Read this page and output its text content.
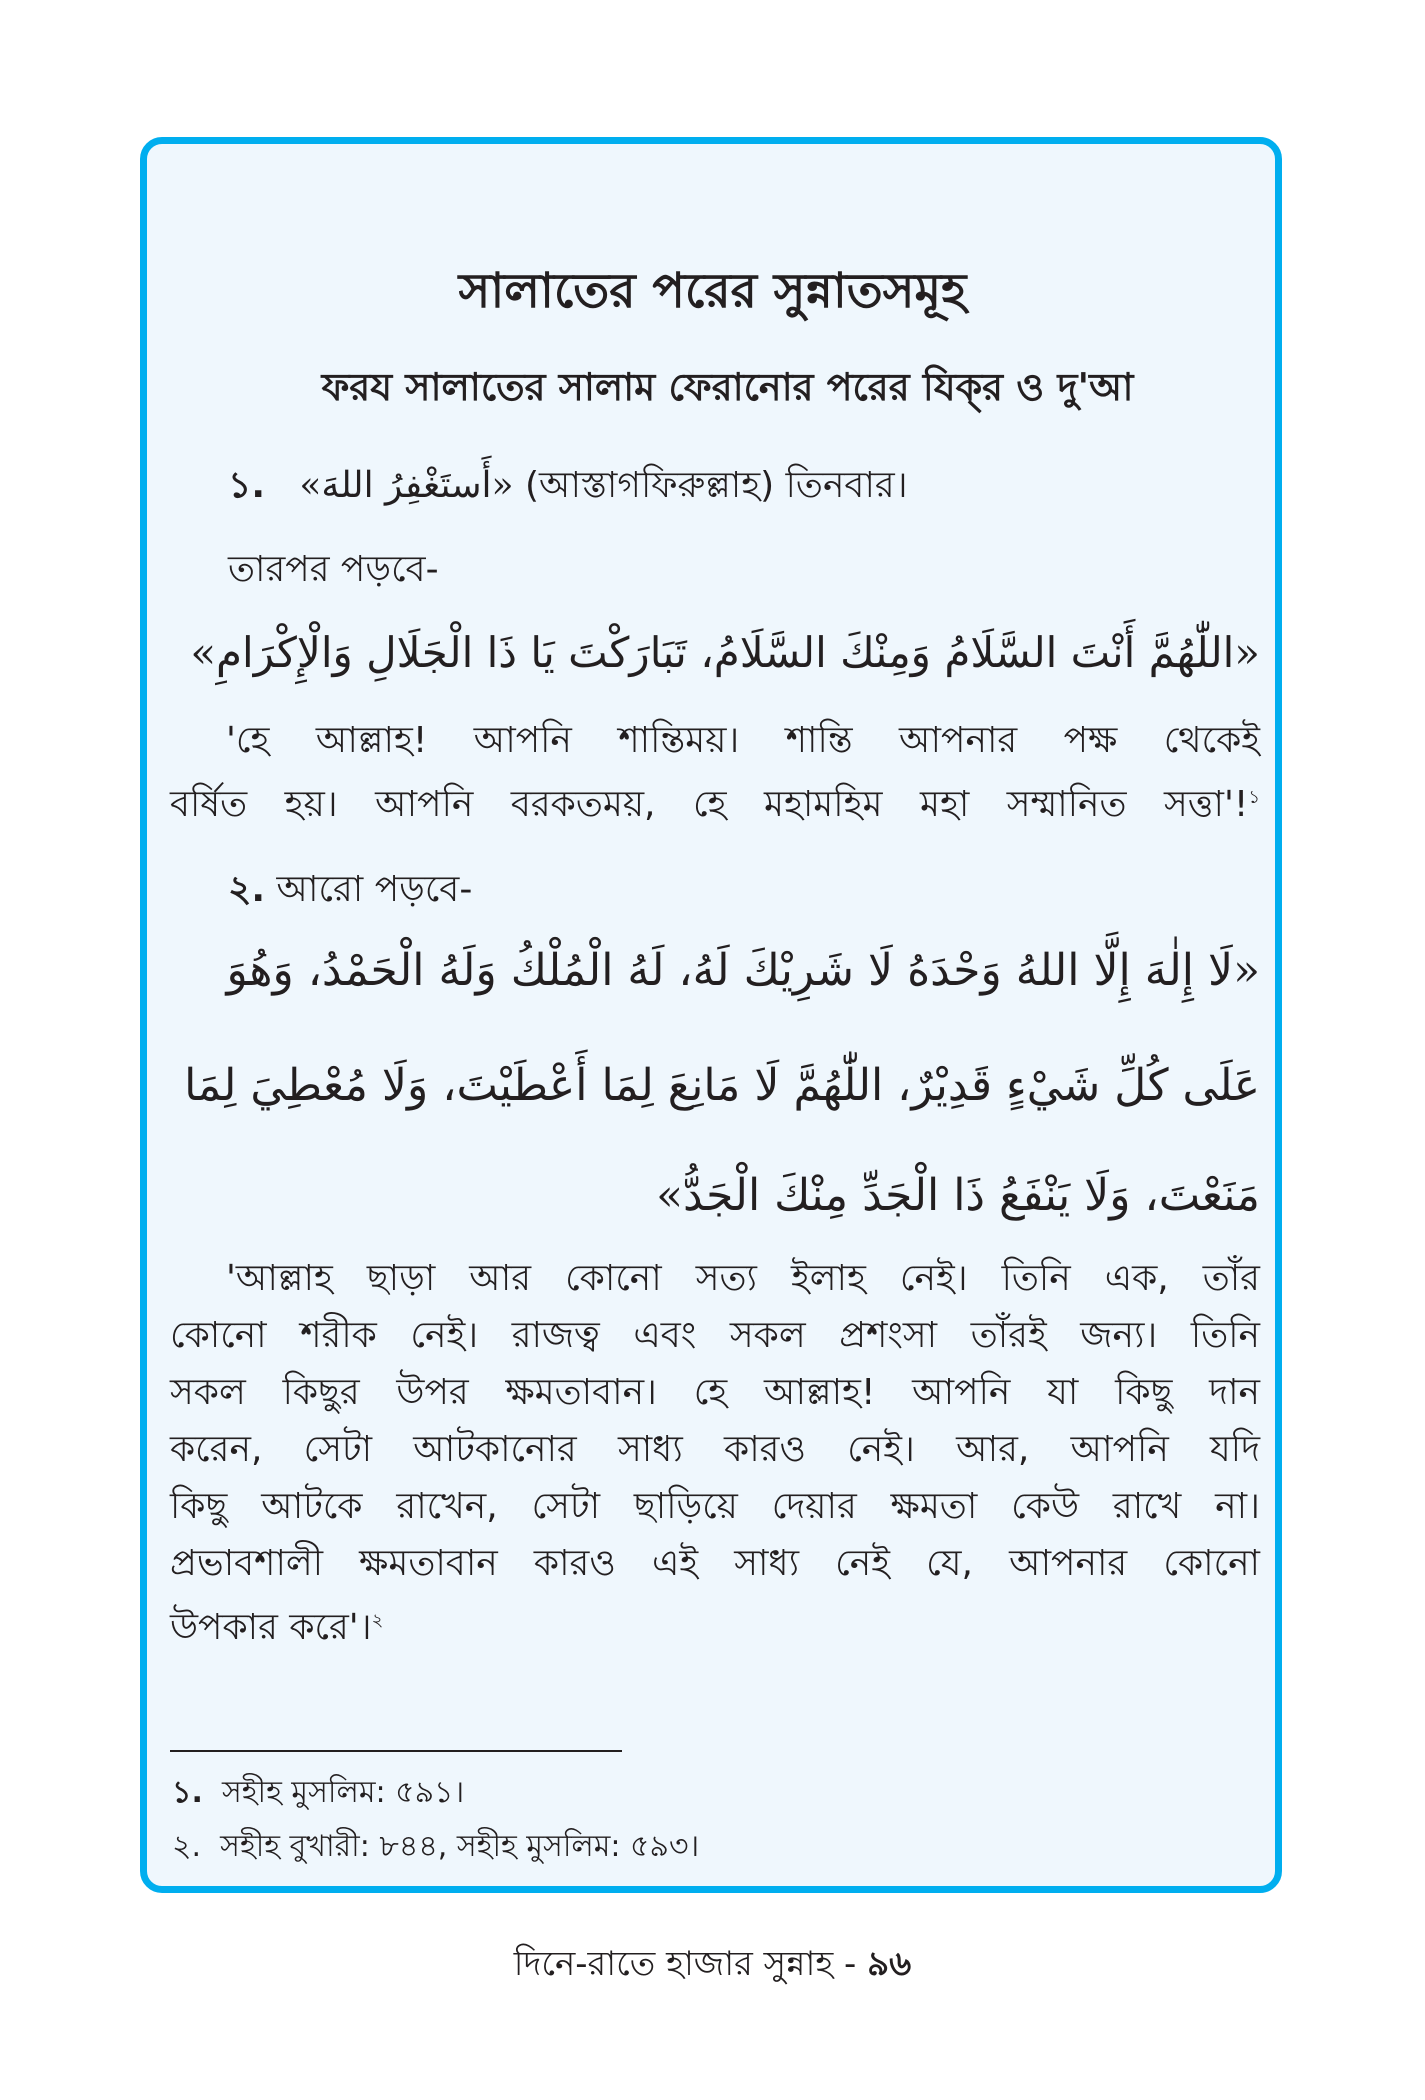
সালাতের পরের সুন্নাতসমূহ
ফরয সালাতের সালাম ফেরানোর পরের যিক্‌র ও দু'আ
১. «أَستَغْفِرُ اللهَ» (আস্তাগফিরুল্লাহ) তিনবার।
তারপর পড়বে-
«اللّٰهُمَّ أَنْتَ السَّلَامُ وَمِنْكَ السَّلَامُ، تَبَارَكْتَ يَا ذَا الْجَلَالِ وَالْإِكْرَامِ»
'হে আল্লাহ! আপনি শান্তিময়। শান্তি আপনার পক্ষ থেকেই
বর্ষিত হয়। আপনি বরকতময়, হে মহামহিম মহা সম্মানিত সত্তা'!$^১$
২. আরো পড়বে-
«لَا إِلٰهَ إِلَّا اللهُ وَحْدَهُ لَا شَرِيْكَ لَهُ، لَهُ الْمُلْكُ وَلَهُ الْحَمْدُ، وَهُوَ
عَلَى كُلِّ شَيْءٍ قَدِيْرٌ، اللّٰهُمَّ لَا مَانِعَ لِمَا أَعْطَيْتَ، وَلَا مُعْطِيَ لِمَا
مَنَعْتَ، وَلَا يَنْفَعُ ذَا الْجَدِّ مِنْكَ الْجَدُّ»
'আল্লাহ ছাড়া আর কোনো সত্য ইলাহ নেই। তিনি এক, তাঁর
কোনো শরীক নেই। রাজত্ব এবং সকল প্রশংসা তাঁরই জন্য। তিনি
সকল কিছুর উপর ক্ষমতাবান। হে আল্লাহ! আপনি যা কিছু দান
করেন, সেটা আটকানোর সাধ্য কারও নেই। আর, আপনি যদি
কিছু আটকে রাখেন, সেটা ছাড়িয়ে দেয়ার ক্ষমতা কেউ রাখে না।
প্রভাবশালী ক্ষমতাবান কারও এই সাধ্য নেই যে, আপনার কোনো
উপকার করে'।$^২$
১. সহীহ মুসলিম: ৫৯১।
২. সহীহ বুখারী: ৮৪৪, সহীহ মুসলিম: ৫৯৩।
দিনে-রাতে হাজার সুন্নাহ - ৯৬
